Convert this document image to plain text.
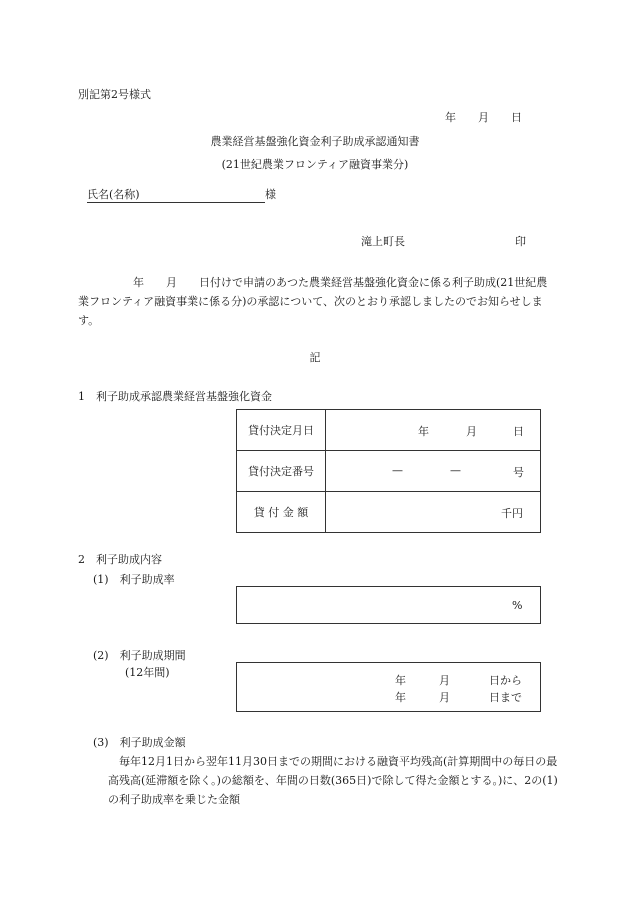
別記第2号様式
年　　月　　日
農業経営基盤強化資金利子助成承認通知書
(21世紀農業フロンティア融資事業分)
氏名(名称)	様
滝上町長	印
　　　　　年　　月　　日付けで申請のあつた農業経営基盤強化資金に係る利子助成(21世紀農業フロンティア融資事業に係る分)の承認について、次のとおり承認しましたのでお知らせします。
記
1　利子助成承認農業経営基盤強化資金
貸付決定月日	年 月 日

貸付決定番号	— — 号

貸 付 金 額	千円
2　利子助成内容
(1)　利子助成率
%
(2)　利子助成期間
(12年間)
年	月	日から
年	月	日まで
(3)　利子助成金額
毎年12月1日から翌年11月30日までの期間における融資平均残高(計算期間中の毎日の最高残高(延滞額を除く。)の総額を、年間の日数(365日)で除して得た金額とする。)に、2の(1)の利子助成率を乗じた金額
